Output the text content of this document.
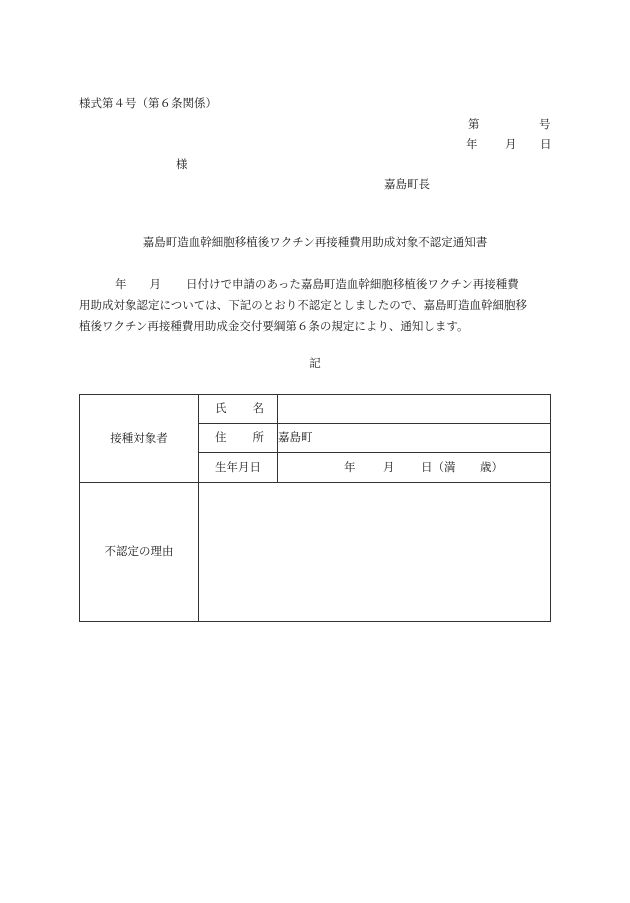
様式第４号（第６条関係）
第	号
年 月 日
様
嘉島町長
嘉島町造血幹細胞移植後ワクチン再接種費用助成対象不認定通知書
年 月 日付けで申請のあった嘉島町造血幹細胞移植後ワクチン再接種費
用助成対象認定については、下記のとおり不認定としましたので、嘉島町造血幹細胞移
植後ワクチン再接種費用助成金交付要綱第６条の規定により、通知します。
記
接種対象者	氏 名	
	住 所	嘉島町
	生年月日	年 月 日（満 歳）

不認定の理由		
